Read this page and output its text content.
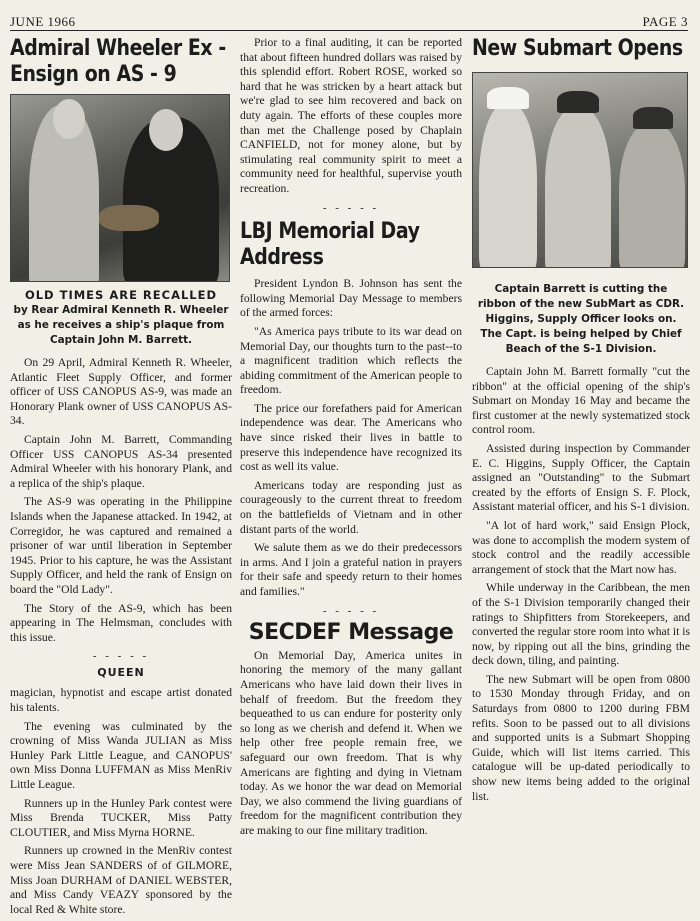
JUNE 1966	PAGE 3
Admiral Wheeler Ex -
Ensign on AS - 9
OLD TIMES ARE RECALLED
by Rear Admiral Kenneth R. Wheeler
as he receives a ship's plaque from
Captain John M. Barrett.

On 29 April, Admiral Kenneth R. Wheeler, Atlantic Fleet Supply Officer, and former officer of USS CANOPUS AS-9, was made an Honorary Plank owner of USS CANOPUS AS-34.

Captain John M. Barrett, Commanding Officer USS CANOPUS AS-34 presented Admiral Wheeler with his honorary Plank, and a replica of the ship's plaque.

The AS-9 was operating in the Philippine Islands when the Japanese attacked. In 1942, at Corregidor, he was captured and remained a prisoner of war until liberation in September 1945. Prior to his capture, he was the Assistant Supply Officer, and held the rank of Ensign on board the "Old Lady".

The Story of the AS-9, which has been appearing in The Helmsman, concludes with this issue.

- - - - -
QUEEN

magician, hypnotist and escape artist donated his talents.

The evening was culminated by the crowning of Miss Wanda JULIAN as Miss Hunley Park Little League, and CANOPUS' own Miss Donna LUFFMAN as Miss MenRiv Little League.

Runners up in the Hunley Park contest were Miss Brenda TUCKER, Miss Patty CLOUTIER, and Miss Myrna HORNE.

Runners up crowned in the MenRiv contest were Miss Jean SANDERS of of GILMORE, Miss Joan DURHAM of DANIEL WEBSTER, and Miss Candy VEAZY sponsored by the local Red & White store.

Prior to a final auditing, it can be reported that about fifteen hundred dollars was raised by this splendid effort. Robert ROSE, worked so hard that he was stricken by a heart attack but we're glad to see him recovered and back on duty again. The efforts of these couples more than met the Challenge posed by Chaplain CANFIELD, not for money alone, but by stimulating real community spirit to meet a community need for healthful, supervise youth recreation.

- - - - -
LBJ Memorial Day
Address

President Lyndon B. Johnson has sent the following Memorial Day Message to members of the armed forces:

"As America pays tribute to its war dead on Memorial Day, our thoughts turn to the past--to a magnificent tradition which reflects the abiding commitment of the American people to freedom.

The price our forefathers paid for American independence was dear. The Americans who have since risked their lives in battle to preserve this independence have recognized its cost as well its value.

Americans today are responding just as courageously to the current threat to freedom on the battlefields of Vietnam and in other distant parts of the world.

We salute them as we do their predecessors in arms. And I join a grateful nation in prayers for their safe and speedy return to their homes and families."

- - - - -
SECDEF Message

On Memorial Day, America unites in honoring the memory of the many gallant Americans who have laid down their lives in behalf of freedom. But the freedom they bequeathed to us can endure for posterity only so long as we cherish and defend it. When we help other free people remain free, we safeguard our own freedom. That is why Americans are fighting and dying in Vietnam today. As we honor the war dead on Memorial Day, we also commend the living guardians of freedom for the magnificent contribution they are making to our fine military tradition.

New Submart Opens
Captain Barrett is cutting the
ribbon of the new SubMart as CDR.
Higgins, Supply Officer looks on.
The Capt. is being helped by Chief
Beach of the S-1 Division.

Captain John M. Barrett formally "cut the ribbon" at the official opening of the ship's Submart on Monday 16 May and became the first customer at the newly systematized stock control room.

Assisted during inspection by Commander E. C. Higgins, Supply Officer, the Captain assigned an "Outstanding" to the Submart created by the efforts of Ensign S. F. Plock, Assistant material officer, and his S-1 division.

"A lot of hard work," said Ensign Plock, was done to accomplish the modern system of stock control and the readily accessible arrangement of stock that the Mart now has.

While underway in the Caribbean, the men of the S-1 Division temporarily changed their ratings to Shipfitters from Storekeepers, and converted the regular store room into what it is now, by ripping out all the bins, grinding the deck down, tiling, and painting.

The new Submart will be open from 0800 to 1530 Monday through Friday, and on Saturdays from 0800 to 1200 during FBM refits. Soon to be passed out to all divisions and supported units is a Submart Shopping Guide, which will list items carried. This catalogue will be up-dated periodically to show new items being added to the original list.
